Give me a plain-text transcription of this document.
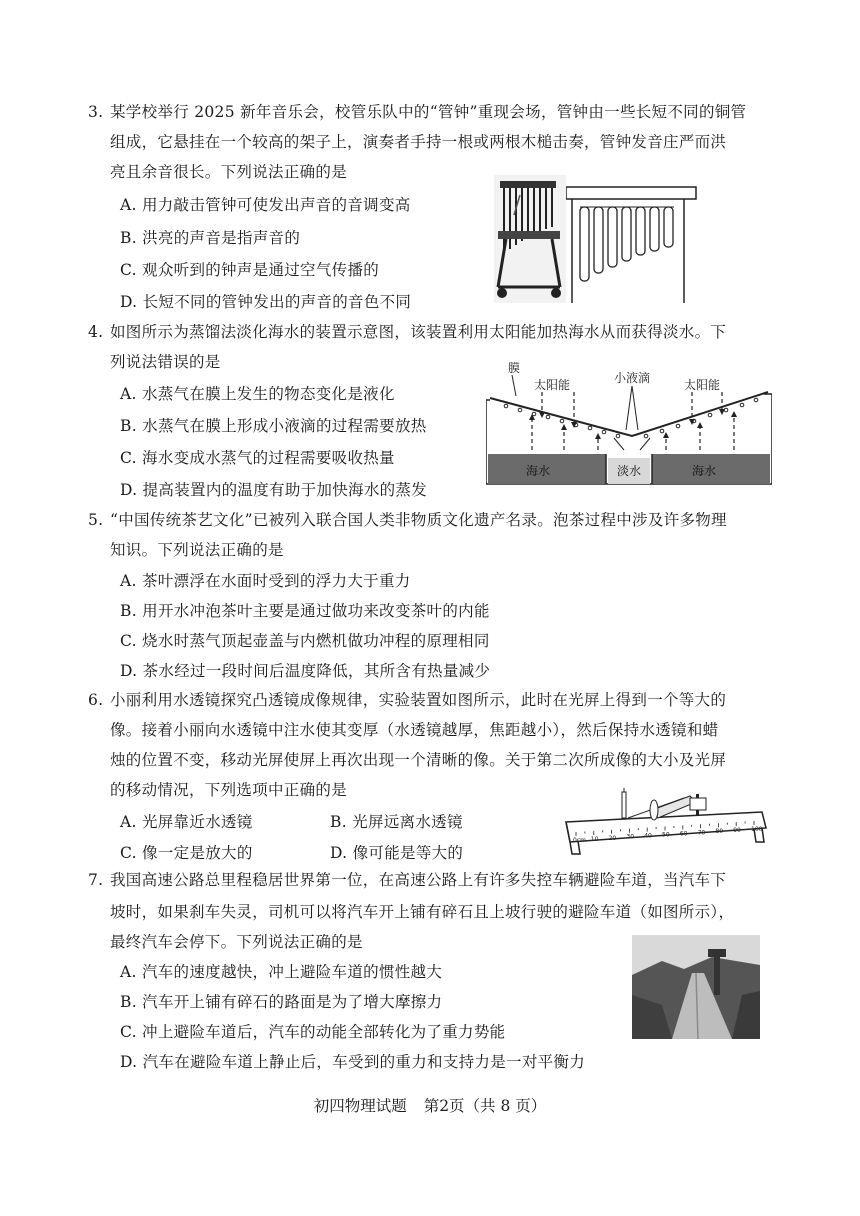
3. 某学校举行 2025 新年音乐会，校管乐队中的“管钟”重现会场，管钟由一些长短不同的铜管
组成，它悬挂在一个较高的架子上，演奏者手持一根或两根木槌击奏，管钟发音庄严而洪
亮且余音很长。下列说法正确的是
A. 用力敲击管钟可使发出声音的音调变高
B. 洪亮的声音是指声音的
C. 观众听到的钟声是通过空气传播的
D. 长短不同的管钟发出的声音的音色不同
4. 如图所示为蒸馏法淡化海水的装置示意图，该装置利用太阳能加热海水从而获得淡水。下
列说法错误的是
A. 水蒸气在膜上发生的物态变化是液化
B. 水蒸气在膜上形成小液滴的过程需要放热
C. 海水变成水蒸气的过程需要吸收热量
D. 提高装置内的温度有助于加快海水的蒸发
膜
太阳能	小液滴	太阳能
海水	淡水	海水
5. “中国传统茶艺文化”已被列入联合国人类非物质文化遗产名录。泡茶过程中涉及许多物理
知识。下列说法正确的是
A. 茶叶漂浮在水面时受到的浮力大于重力
B. 用开水冲泡茶叶主要是通过做功来改变茶叶的内能
C. 烧水时蒸气顶起壶盖与内燃机做功冲程的原理相同
D. 茶水经过一段时间后温度降低，其所含有热量减少
6. 小丽利用水透镜探究凸透镜成像规律，实验装置如图所示，此时在光屏上得到一个等大的
像。接着小丽向水透镜中注水使其变厚（水透镜越厚，焦距越小），然后保持水透镜和蜡
烛的位置不变，移动光屏使屏上再次出现一个清晰的像。关于第二次所成像的大小及光屏
的移动情况，下列选项中正确的是
A. 光屏靠近水透镜	B. 光屏远离水透镜
C. 像一定是放大的	D. 像可能是等大的
0cm 10 20 30 40 50 60 70 80 90 100
7. 我国高速公路总里程稳居世界第一位，在高速公路上有许多失控车辆避险车道，当汽车下
坡时，如果刹车失灵，司机可以将汽车开上铺有碎石且上坡行驶的避险车道（如图所示），
最终汽车会停下。下列说法正确的是
A. 汽车的速度越快，冲上避险车道的惯性越大
B. 汽车开上铺有碎石的路面是为了增大摩擦力
C. 冲上避险车道后，汽车的动能全部转化为了重力势能
D. 汽车在避险车道上静止后，车受到的重力和支持力是一对平衡力
初四物理试题 第2页（共 8 页）
